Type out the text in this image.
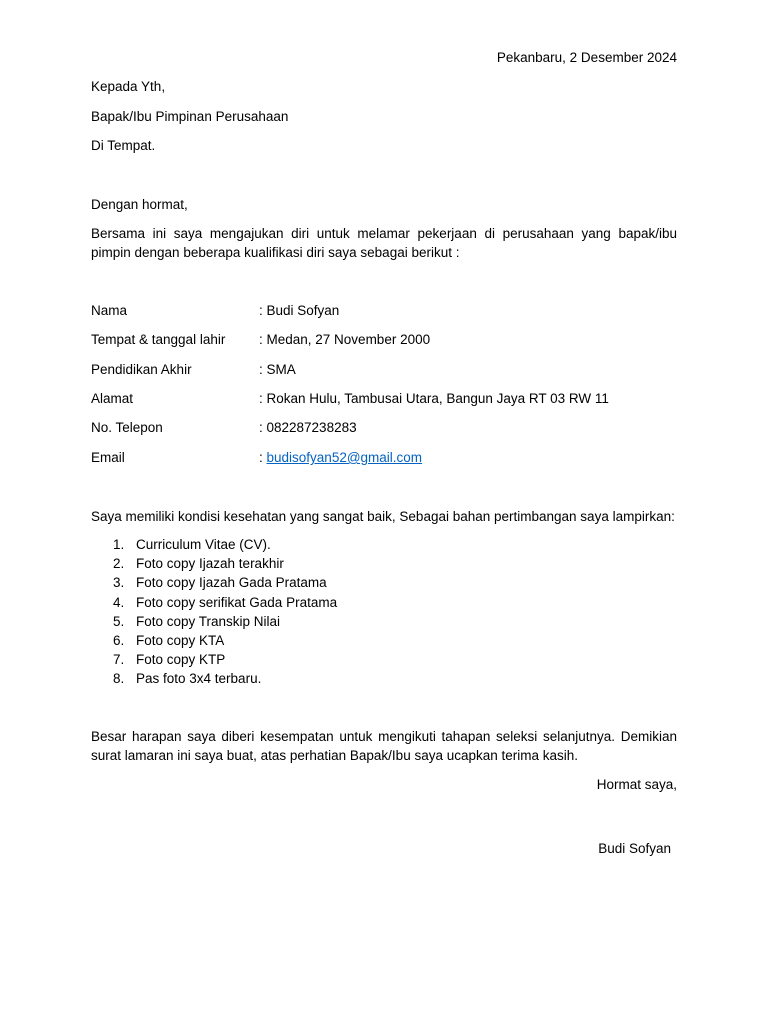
Pekanbaru, 2 Desember 2024
Kepada Yth,
Bapak/Ibu Pimpinan Perusahaan
Di Tempat.
Dengan hormat,
Bersama ini saya mengajukan diri untuk melamar pekerjaan di perusahaan yang bapak/ibu pimpin dengan beberapa kualifikasi diri saya sebagai berikut :
Nama	: Budi Sofyan
Tempat & tanggal lahir : Medan, 27 November 2000
Pendidikan Akhir	: SMA
Alamat	: Rokan Hulu, Tambusai Utara, Bangun Jaya RT 03 RW 11
No. Telepon	: 082287238283
Email	: budisofyan52@gmail.com
Saya memiliki kondisi kesehatan yang sangat baik, Sebagai bahan pertimbangan saya lampirkan:
1. Curriculum Vitae (CV).
2. Foto copy Ijazah terakhir
3. Foto copy Ijazah Gada Pratama
4. Foto copy serifikat Gada Pratama
5. Foto copy Transkip Nilai
6. Foto copy KTA
7. Foto copy KTP
8. Pas foto 3x4 terbaru.
Besar harapan saya diberi kesempatan untuk mengikuti tahapan seleksi selanjutnya. Demikian surat lamaran ini saya buat, atas perhatian Bapak/Ibu saya ucapkan terima kasih.
Hormat saya,
Budi Sofyan
